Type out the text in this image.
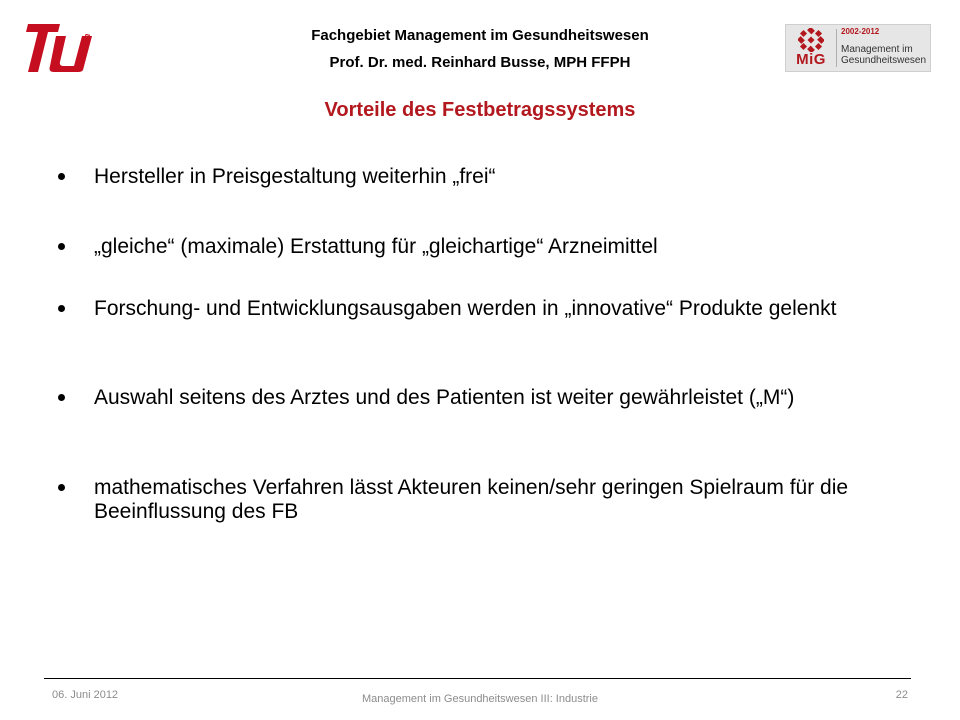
berlin	Fachgebiet Management im Gesundheitswesen
Prof. Dr. med. Reinhard Busse, MPH FFPH	MiG
2002-2012
Management im
Gesundheitswesen
Vorteile des Festbetragssystems
Hersteller in Preisgestaltung weiterhin „frei“
„gleiche“ (maximale) Erstattung für „gleichartige“ Arzneimittel
Forschung- und Entwicklungsausgaben werden in „innovative“ Produkte gelenkt
Auswahl seitens des Arztes und des Patienten ist weiter gewährleistet („M“)
mathematisches Verfahren lässt Akteuren keinen/sehr geringen Spielraum für die Beeinflussung des FB
06. Juni 2012	Management im Gesundheitswesen III: Industrie	22
